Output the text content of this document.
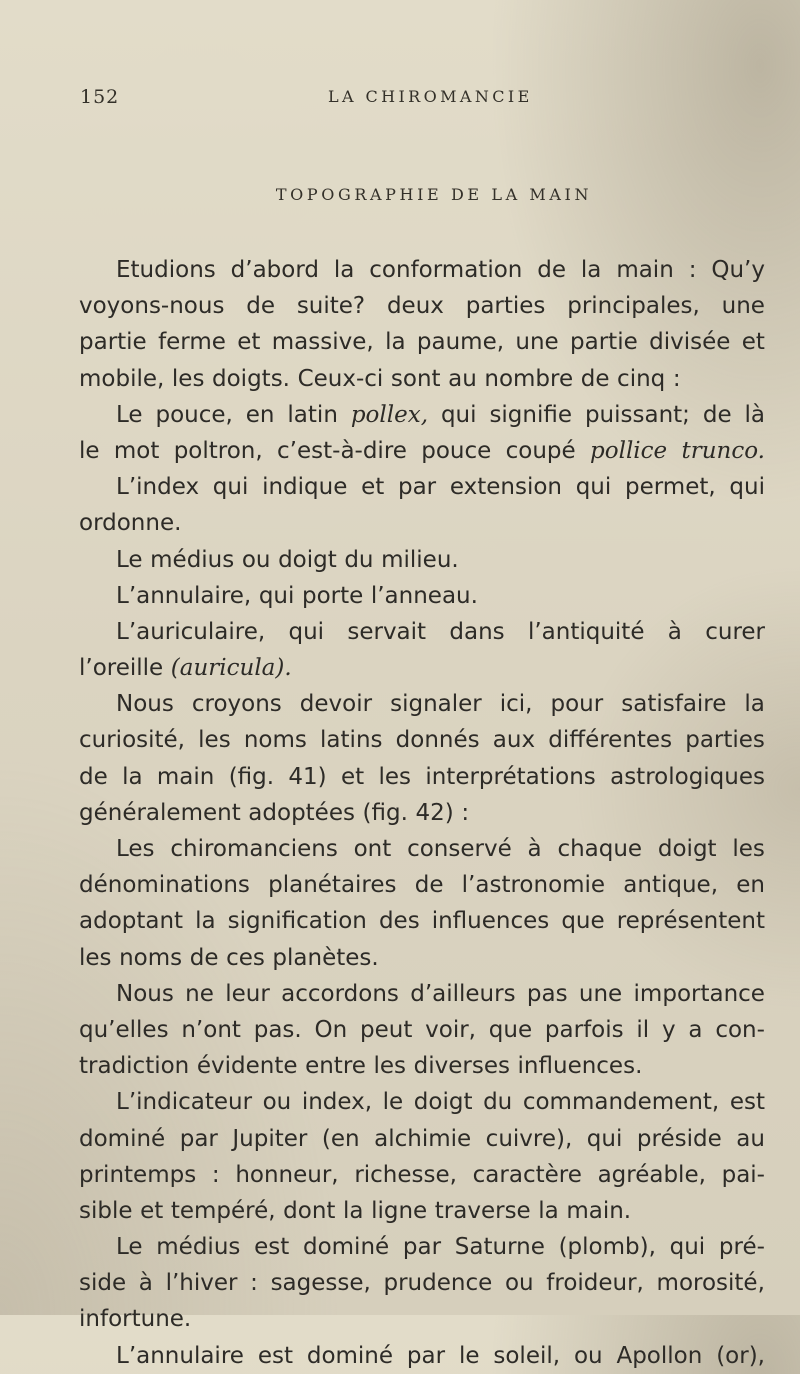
152	LA CHIROMANCIE
TOPOGRAPHIE DE LA MAIN
Etudions d’abord la conformation de la main : Qu’y
voyons-nous de suite? deux parties principales, une
partie ferme et massive, la paume, une partie divisée et
mobile, les doigts. Ceux-ci sont au nombre de cinq :
Le pouce, en latin pollex, qui signifie puissant; de là
le mot poltron, c’est-à-dire pouce coupé pollice trunco.
L’index qui indique et par extension qui permet, qui
ordonne.
Le médius ou doigt du milieu.
L’annulaire, qui porte l’anneau.
L’auriculaire, qui servait dans l’antiquité à curer
l’oreille (auricula).
Nous croyons devoir signaler ici, pour satisfaire la
curiosité, les noms latins donnés aux différentes parties
de la main (fig. 41) et les interprétations astrologiques
généralement adoptées (fig. 42) :
Les chiromanciens ont conservé à chaque doigt les
dénominations planétaires de l’astronomie antique, en
adoptant la signification des influences que représentent
les noms de ces planètes.
Nous ne leur accordons d’ailleurs pas une importance
qu’elles n’ont pas. On peut voir, que parfois il y a con-
tradiction évidente entre les diverses influences.
L’indicateur ou index, le doigt du commandement, est
dominé par Jupiter (en alchimie cuivre), qui préside au
printemps : honneur, richesse, caractère agréable, pai-
sible et tempéré, dont la ligne traverse la main.
Le médius est dominé par Saturne (plomb), qui pré-
side à l’hiver : sagesse, prudence ou froideur, morosité,
infortune.
L’annulaire est dominé par le soleil, ou Apollon (or),
